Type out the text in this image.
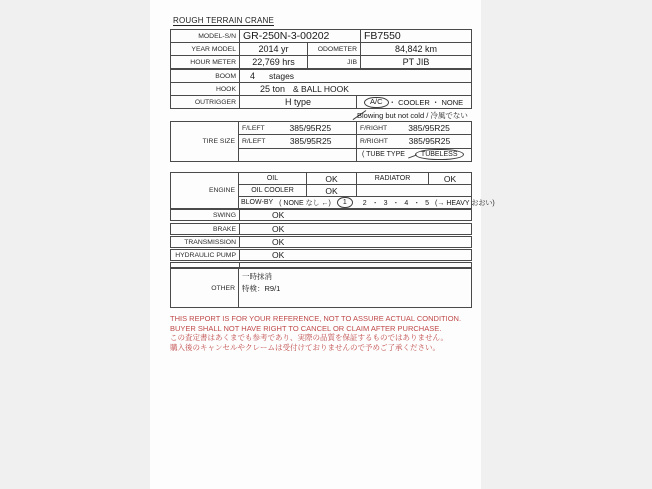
ROUGH TERRAIN CRANE
MODEL-S/N GR-250N-3-00202	FB7550
YEAR MODEL	2014 yr	ODOMETER	84,842 km
HOUR METER	22,769 hrs	JIB	PT JIB
BOOM	4 stages
HOOK	25 ton & BALL HOOK
OUTRIGGER	H type	A/C ・ COOLER ・ NONE
Blowing but not cold / 冷風でない
TIRE SIZE
F/LEFT	385/95R25	F/RIGHT	385/95R25
R/LEFT	385/95R25	R/RIGHT	385/95R25
( TUBE TYPE TUBELESS
ENGINE
OIL	OK	RADIATOR	OK
OIL COOLER	OK
BLOW-BY ( NONE なし ←) 1 2 ・ 3 ・ 4 ・ 5 (→ HEAVY おおい)
SWING	OK
BRAKE	OK
TRANSMISSION	OK
HYDRAULIC PUMP	OK
OTHER
一時抹消
特検：R9/1
THIS REPORT IS FOR YOUR REFERENCE, NOT TO ASSURE ACTUAL CONDITION.
BUYER SHALL NOT HAVE RIGHT TO CANCEL OR CLAIM AFTER PURCHASE.
この査定書はあくまでも参考であり、実際の品質を保証するものではありません。
購入後のキャンセルやクレームは受付けておりませんので予めご了承ください。
